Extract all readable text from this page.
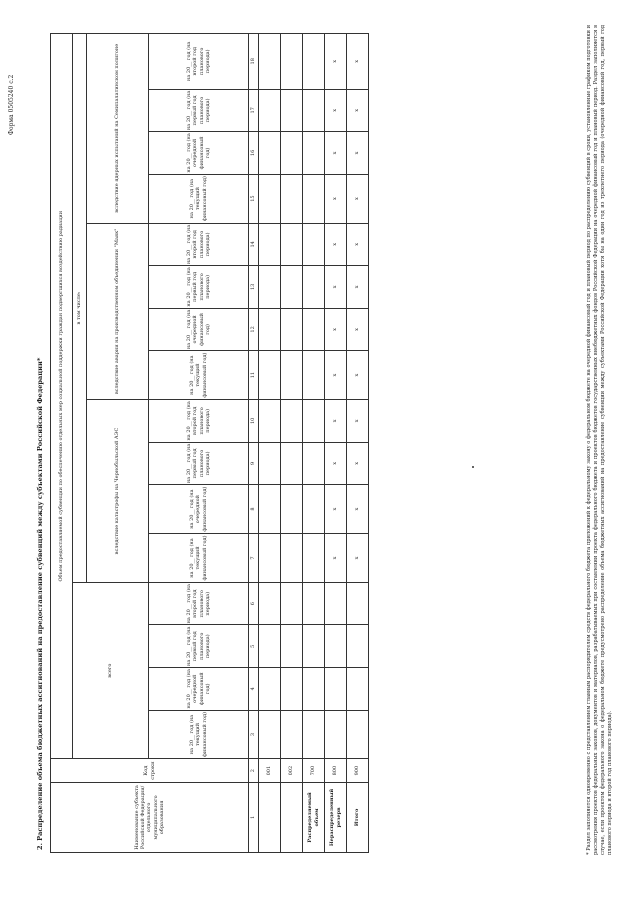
Форма 0505240 с.2
2. Распределение объема бюджетных ассигнований на предоставление субвенций между субъектами Российской Федерации*	Наименование субъекта Российской Федерации/ отдельного муниципального образования	Код строки	Объем предоставляемой субвенции по обеспечению отдельных мер социальной поддержки граждан подвергшихся воздействию радиации															
		всего				в том числе:											
						вследствие катастрофы на Чернобыльской АЭС				вследствие аварии на производственном объединении "Маяк"				вследствие ядерных испытаний на Семипалатинском полигоне			
		на 20__ год (на текущий финансовый год)	на 20__ год (на очередной финансовый год)	на 20__ год (на первый год планового периода)	на 20__ год (на второй год планового периода)	на 20__ год (на текущий финансовый год)	на 20__ год (на очередной финансовый год)	на 20__ год (на первый год планового периода)	на 20__ год (на второй год планового периода)	на 20__ год (на текущий финансовый год)	на 20__ год (на очередной финансовый год)	на 20__ год (на первый год планового периода)	на 20__ год (на второй год планового периода)	на 20__ год (на текущий финансовый год)	на 20__ год (на очередной финансовый год)	на 20__ год (на первый год планового периода)	на 20__ год (на второй год планового периода)
1	2	3	4	5	6	7	8	9	10	11	12	13	14	15	16	17	18
	001																
	002																
Распределяемый объем	700																
Нераспределенный резерв	800					x	x	x	x	x	x	x	x	x	x	x	x
Итого	900					x	x	x	x	x	x	x	x	x	x	x	x	* Раздел заполняется одновременно с представлением главным распорядителем средств федерального бюджета приложений к федеральному закону о федеральном бюджете на очередной финансовый год и плановый период по распределению субвенций в сроки, установленные графиком подготовки и рассмотрения проектов федеральных законов, документов и материалов, разрабатываемых при составлении проекта федерального бюджета и проектов бюджетов государственных внебюджетных фондов Российской Федерации на очередной финансовый год и плановый период. Раздел заполняется в случае, если проектом федерального закона о федеральном бюджете предусмотрено распределение объема бюджетных ассигнований на предоставление субвенции между субъектами Российской Федерации хотя бы на один год из трехлетнего периода (очередной финансовый год, первый год планового периода и второй год планового периода).
